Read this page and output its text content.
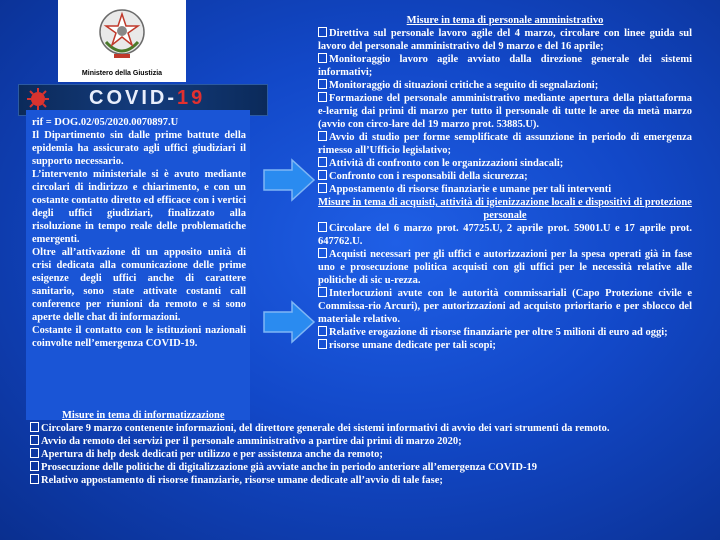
Ministero della Giustizia
COVID-19

rif = DOG.02/05/2020.0070897.U

Il Dipartimento sin dalle prime battute della epidemia ha assicurato agli uffici giudiziari il supporto necessario.

L’intervento ministeriale si è avuto mediante circolari di indirizzo e chiarimento, e con un costante contatto diretto ed efficace con i vertici degli uffici giudiziari, finalizzato alla risoluzione in tempo reale delle problematiche emergenti.

Oltre all’attivazione di un apposito unità di crisi dedicata alla comunicazione delle prime esigenze degli uffici anche di carattere sanitario, sono state attivate costanti call conference per riunioni da remoto e si sono aperte delle chat di informazioni.

Costante il contatto con le istituzioni nazionali coinvolte nell’emergenza COVID-19.

Misure in tema di personale amministrativo
Direttiva sul personale lavoro agile del 4 marzo, circolare con linee guida sul lavoro del personale amministrativo del 9 marzo e del 16 aprile;
Monitoraggio lavoro agile avviato dalla direzione generale dei sistemi informativi;
Monitoraggio di situazioni critiche a seguito di segnalazioni;
Formazione del personale amministrativo mediante apertura della piattaforma e-learnig dai primi di marzo per tutto il personale di tutte le aree da metà marzo (avvio con circo-lare del 19 marzo prot. 53885.U).
Avvio di studio per forme semplificate di assunzione in periodo di emergenza rimesso all’Ufficio legislativo;
Attività di confronto con le organizzazioni sindacali;
Confronto con i responsabili della sicurezza;
Appostamento di risorse finanziarie e umane per tali interventi
Misure in tema di acquisti, attività di igienizzazione locali e dispositivi di protezione personale
Circolare del 6 marzo prot. 47725.U, 2 aprile prot. 59001.U e 17 aprile prot. 647762.U.
Acquisti necessari per gli uffici e autorizzazioni per la spesa operati già in fase uno e prosecuzione politica acquisti con gli uffici per le necessità relative alle politiche di sic u-rezza.
Interlocuzioni avute con le autorità commissariali (Capo Protezione civile e Commissa-rio Arcuri), per autorizzazioni ad acquisto prioritario e per sblocco del materiale relativo.
Relative erogazione di risorse finanziarie per oltre 5 milioni di euro ad oggi;
risorse umane dedicate per tali scopi;
Misure in tema di informatizzazione
Circolare 9 marzo contenente informazioni, del direttore generale dei sistemi informativi di avvio dei vari strumenti da remoto.
Avvio da remoto dei servizi per il personale amministrativo a partire dai primi di marzo 2020;
Apertura di help desk dedicati per utilizzo e per assistenza anche da remoto;
Prosecuzione delle politiche di digitalizzazione già avviate anche in periodo anteriore all’emergenza COVID-19
Relativo appostamento di risorse finanziarie, risorse umane dedicate all’avvio di tale fase;
